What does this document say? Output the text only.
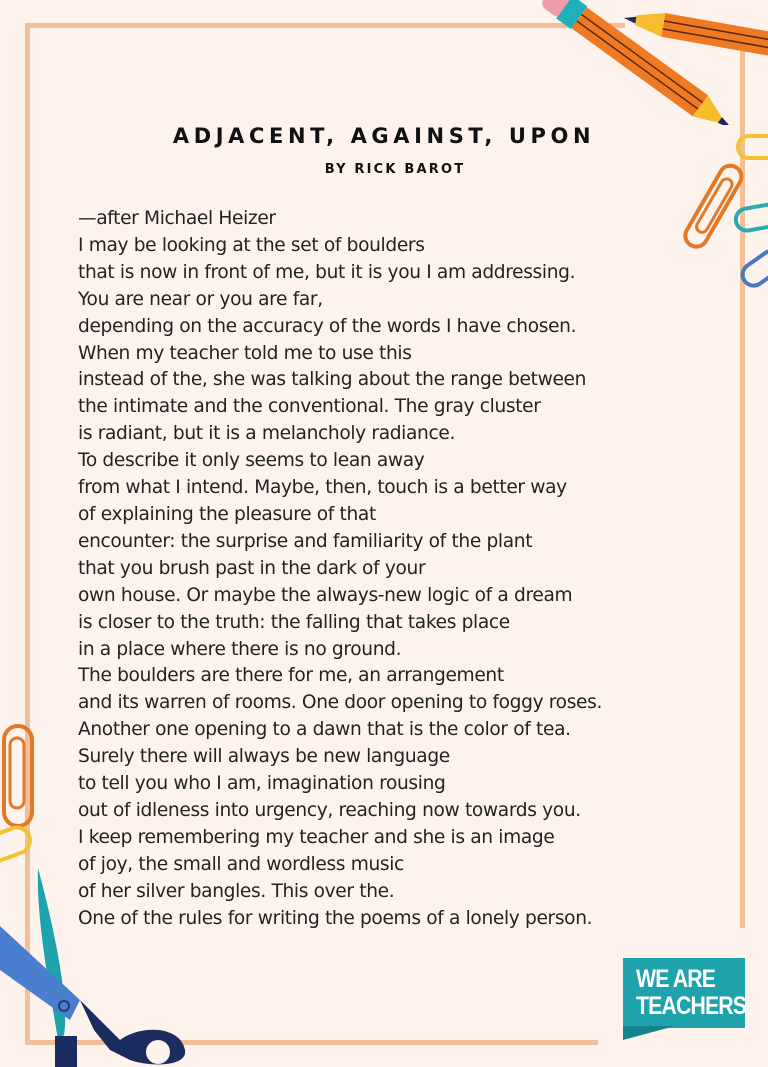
ADJACENT, AGAINST, UPON
BY RICK BAROT
—after Michael Heizer
I may be looking at the set of boulders
that is now in front of me, but it is you I am addressing.
You are near or you are far,
depending on the accuracy of the words I have chosen.
When my teacher told me to use this
instead of the, she was talking about the range between
the intimate and the conventional. The gray cluster
is radiant, but it is a melancholy radiance.
To describe it only seems to lean away
from what I intend. Maybe, then, touch is a better way
of explaining the pleasure of that
encounter: the surprise and familiarity of the plant
that you brush past in the dark of your
own house. Or maybe the always-new logic of a dream
is closer to the truth: the falling that takes place
in a place where there is no ground.
The boulders are there for me, an arrangement
and its warren of rooms. One door opening to foggy roses.
Another one opening to a dawn that is the color of tea.
Surely there will always be new language
to tell you who I am, imagination rousing
out of idleness into urgency, reaching now towards you.
I keep remembering my teacher and she is an image
of joy, the small and wordless music
of her silver bangles. This over the.
One of the rules for writing the poems of a lonely person.
WE ARE
TEACHERS
